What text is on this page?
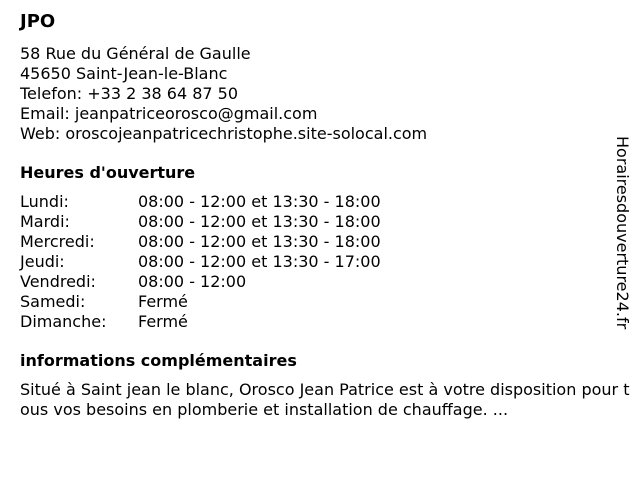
JPO
58 Rue du Général de Gaulle
45650 Saint-Jean-le-Blanc
Telefon: +33 2 38 64 87 50
Email: jeanpatriceorosco@gmail.com
Web: oroscojeanpatricechristophe.site-solocal.com
Heures d'ouverture
Lundi:	08:00 - 12:00 et 13:30 - 18:00
Mardi:	08:00 - 12:00 et 13:30 - 18:00
Mercredi:	08:00 - 12:00 et 13:30 - 18:00
Jeudi:	08:00 - 12:00 et 13:30 - 17:00
Vendredi:	08:00 - 12:00
Samedi:	Fermé
Dimanche:	Fermé
informations complémentaires
Situé à Saint jean le blanc, Orosco Jean Patrice est à votre disposition pour tous vos besoins en plomberie et installation de chauffage. ...
Horairesdouverture24.fr
